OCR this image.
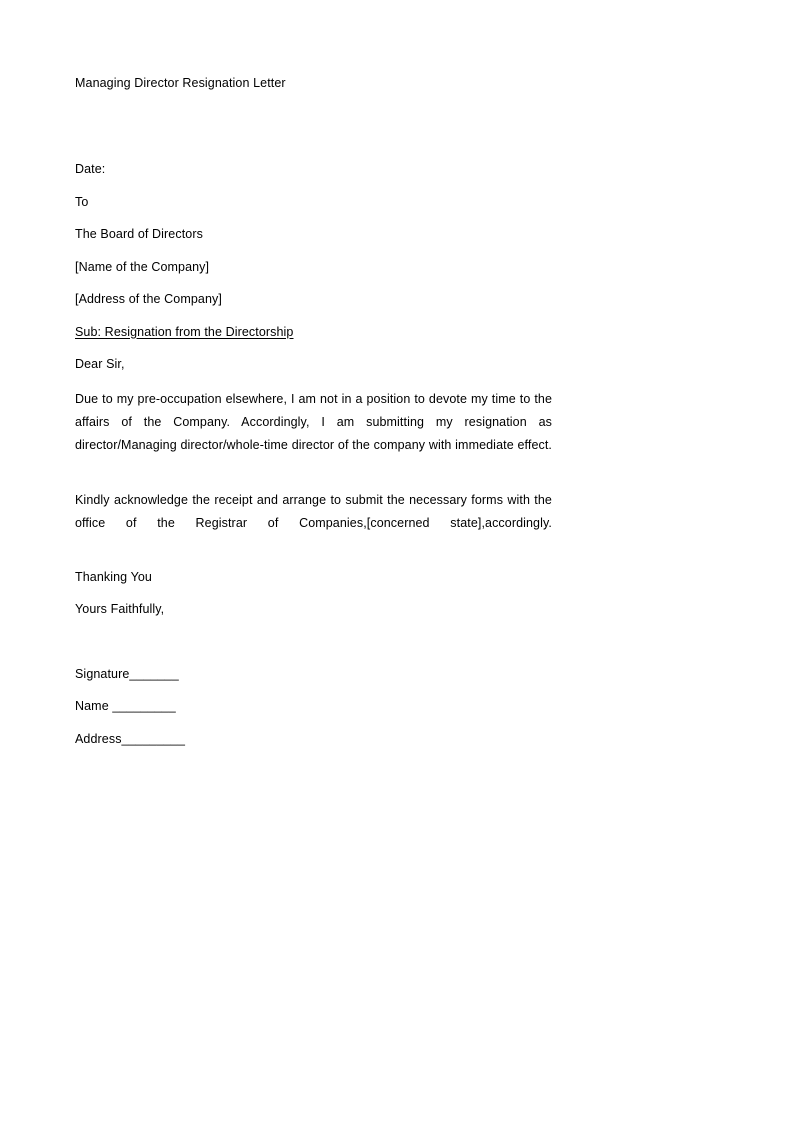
Managing Director Resignation Letter
Date:
To
The Board of Directors
[Name of the Company]
[Address of the Company]
Sub: Resignation from the Directorship
Dear Sir,
Due to my pre-occupation elsewhere, I am not in a position to devote my time to the affairs of the Company. Accordingly, I am submitting my resignation as director/Managing director/whole-time director of the company with immediate effect.
Kindly acknowledge the receipt and arrange to submit the necessary forms with the office of the Registrar of Companies,[concerned state],accordingly.
Thanking You
Yours Faithfully,
Signature_______
Name _________
Address_________
